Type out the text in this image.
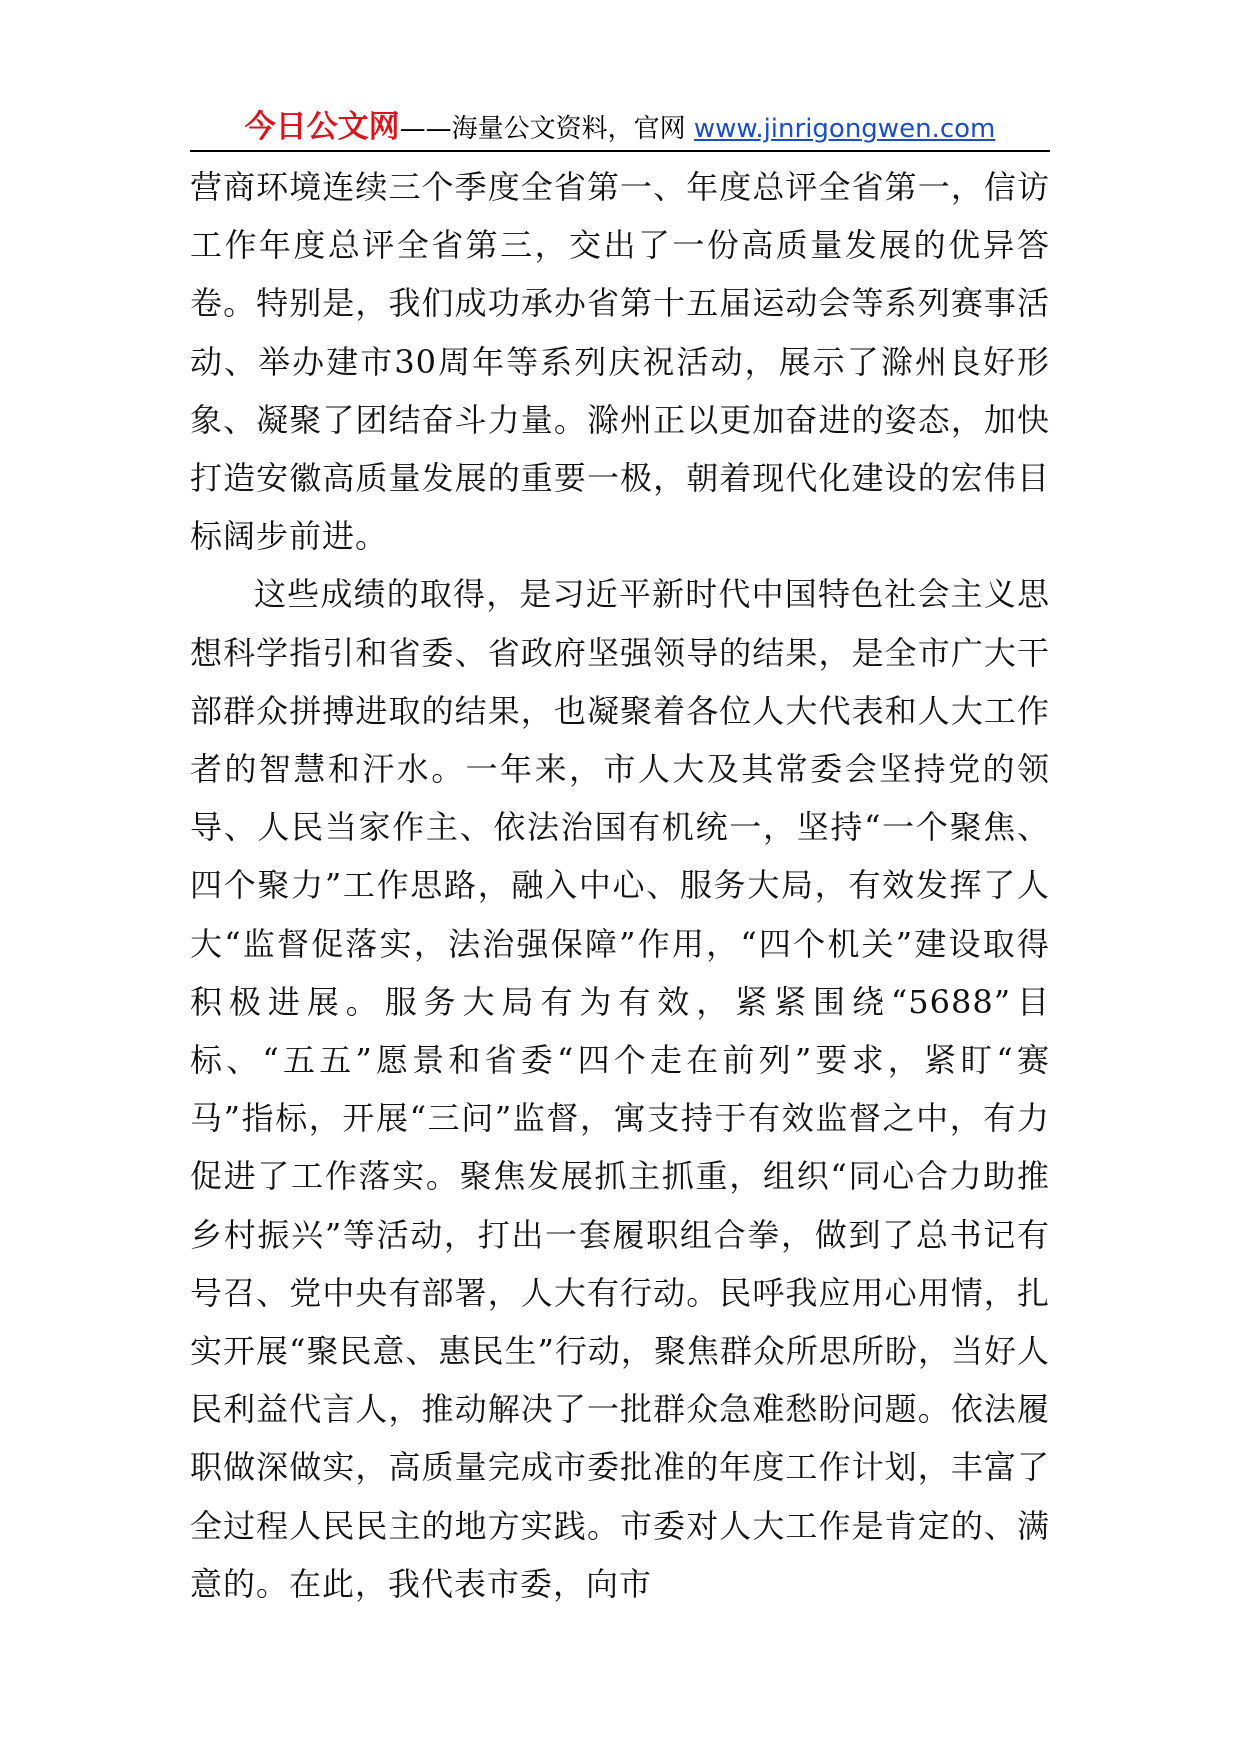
今日公文网——海量公文资料，官网 www.jinrigongwen.com

营商环境连续三个季度全省第一、年度总评全省第一，信访工作年度总评全省第三，交出了一份高质量发展的优异答卷。特别是，我们成功承办省第十五届运动会等系列赛事活动、举办建市30周年等系列庆祝活动，展示了滁州良好形象、凝聚了团结奋斗力量。滁州正以更加奋进的姿态，加快打造安徽高质量发展的重要一极，朝着现代化建设的宏伟目标阔步前进。

这些成绩的取得，是习近平新时代中国特色社会主义思想科学指引和省委、省政府坚强领导的结果，是全市广大干部群众拼搏进取的结果，也凝聚着各位人大代表和人大工作者的智慧和汗水。一年来，市人大及其常委会坚持党的领导、人民当家作主、依法治国有机统一，坚持“一个聚焦、四个聚力”工作思路，融入中心、服务大局，有效发挥了人大“监督促落实，法治强保障”作用，“四个机关”建设取得积极进展。服务大局有为有效，紧紧围绕“5688”目标、“五五”愿景和省委“四个走在前列”要求，紧盯“赛马”指标，开展“三问”监督，寓支持于有效监督之中，有力促进了工作落实。聚焦发展抓主抓重，组织“同心合力助推乡村振兴”等活动，打出一套履职组合拳，做到了总书记有号召、党中央有部署，人大有行动。民呼我应用心用情，扎实开展“聚民意、惠民生”行动，聚焦群众所思所盼，当好人民利益代言人，推动解决了一批群众急难愁盼问题。依法履职做深做实，高质量完成市委批准的年度工作计划，丰富了全过程人民民主的地方实践。市委对人大工作是肯定的、满意的。在此，我代表市委，向市
